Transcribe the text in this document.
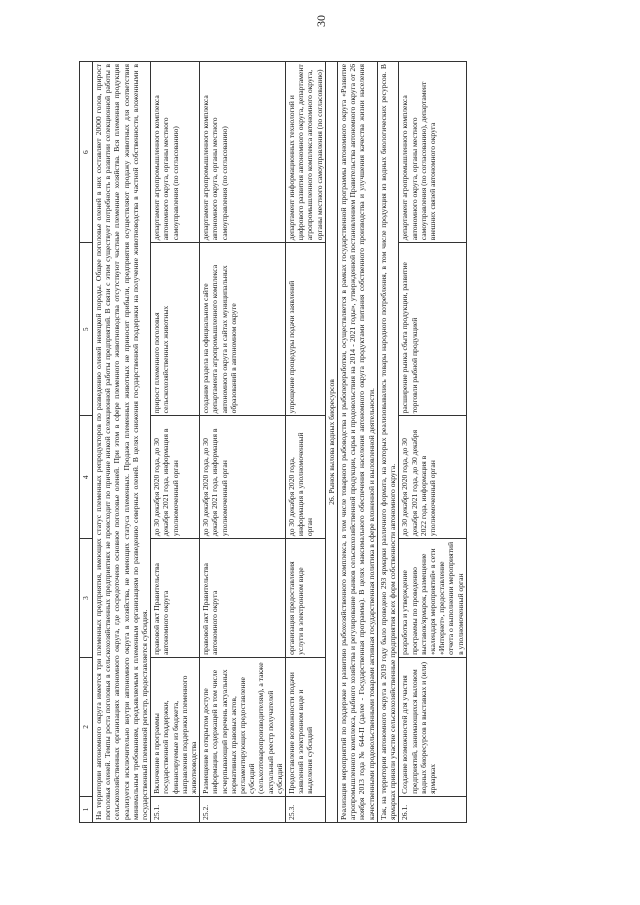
30
1	2	3	4	5	6
На территории автономного округа имеется три племенных предприятия, имеющих статус племенных репродукторов по разведению оленей ненецкой породы. Общее поголовье оленей в них составляет 20000 голов, прирост поголовья оленей. Темпы роста поголовья в сельскохозяйственных предприятиях не происходит по причине низкой селекционной работы предприятий. В связи с этим существует потребность в развитии селекционной работы в сельскохозяйственных организациях автономного округа, где сосредоточено основное поголовье оленей. При этом в сфере племенного животноводства отсутствуют частные племенные хозяйства. Вся племенная продукция реализуется исключительно внутри автономного округа в хозяйства, не имеющих статуса племенных. Продажа племенных животных не приносит прибыли, предприятия осуществляют продажу животных для соответствия минимальным требованиям, предъявляемым к племенным организациям по разведению северных оленей. В целях снижения государственной поддержки на получение животноводства в частной собственности, вложенными в государственный племенной регистр, предоставляется субсидия.					
25.1.	Включение в программы государственной поддержки, финансируемые из бюджета, направления поддержки племенного животноводства	правовой акт Правительства автономного округа	до 30 декабря 2020 года, до 30 декабря 2021 года, информация в уполномоченный орган	прирост племенного поголовья сельскохозяйственных животных	департамент агропромышленного комплекса автономного округа, органы местного самоуправления (по согласованию)
25.2.	Размещение в открытом доступе информации, содержащей в том числе исчерпывающий перечень актуальных нормативных правовых актов, регламентирующих предоставление субсидий (сельхозтоваропроизводителям), а также актуальный реестр получателей субсидий	правовой акт Правительства автономного округа	до 30 декабря 2020 года, до 30 декабря 2021 года, информация в уполномоченный орган	создание раздела на официальном сайте департамента агропромышленного комплекса автономного округа и сайтах муниципальных образований в автономном округе	департамент агропромышленного комплекса автономного округа, органы местного самоуправления (по согласованию)
25.3.	Предоставление возможности подачи заявлений в электронном виде и выделения субсидий	организация предоставления услуги в электронном виде	до 30 декабря 2020 года, информация в уполномоченный орган	упрощение процедуры подачи заявлений	департамент информационных технологий и цифрового развития автономного округа, департамент агропромышленного комплекса автономного округа, органы местного самоуправления (по согласованию)
26. Рынок вылова водных биоресурсов					
Реализация мероприятий по поддержке и развитию рыбохозяйственного комплекса, в том числе товарного рыбоводства и рыбопереработки, осуществляется в рамках государственной программы автономного округа «Развитие агропромышленного комплекса, рыбного хозяйства и регулирование рынков сельскохозяйственной продукции, сырья и продовольствия на 2014 - 2021 годы», утвержденной постановлением Правительства автономного округа от 26 ноября 2013 года № 644-П (далее - Государственная программа). В целях максимального обеспечения населения автономного округа продуктами питания собственного производства и улучшения качества жизни населения качественными продовольственными товарами активная государственная политика в сфере вложенной и выловленной деятельности.					
Так, на территории автономного округа в 2019 году было проведено 293 ярмарки различного формата, на которых реализовывались товары народного потребления, в том числе продукция из водных биологических ресурсов. В ярмарках приняли участие сельскохозяйственные предприятия всех форм собственности автономного округа.					
26.1.	Создание возможностей для участия предприятий, занимающихся выловом водных биоресурсов в выставках и (или) ярмарках	разработка и утверждение программы по проведению выставок/ярмарок, размещение «календаря мероприятий» в сети «Интернет», предоставление отчета о выполнении мероприятий в уполномоченный орган	до 30 декабря 2020 года, до 30 декабря 2021 года, до 30 декабря 2022 года, информация в уполномоченный орган	расширение рынка сбыта продукции, развитие торговли рыбной продукцией	департамент агропромышленного комплекса автономного округа, органы местного самоуправления (по согласованию), департамент внешних связей автономного округа
